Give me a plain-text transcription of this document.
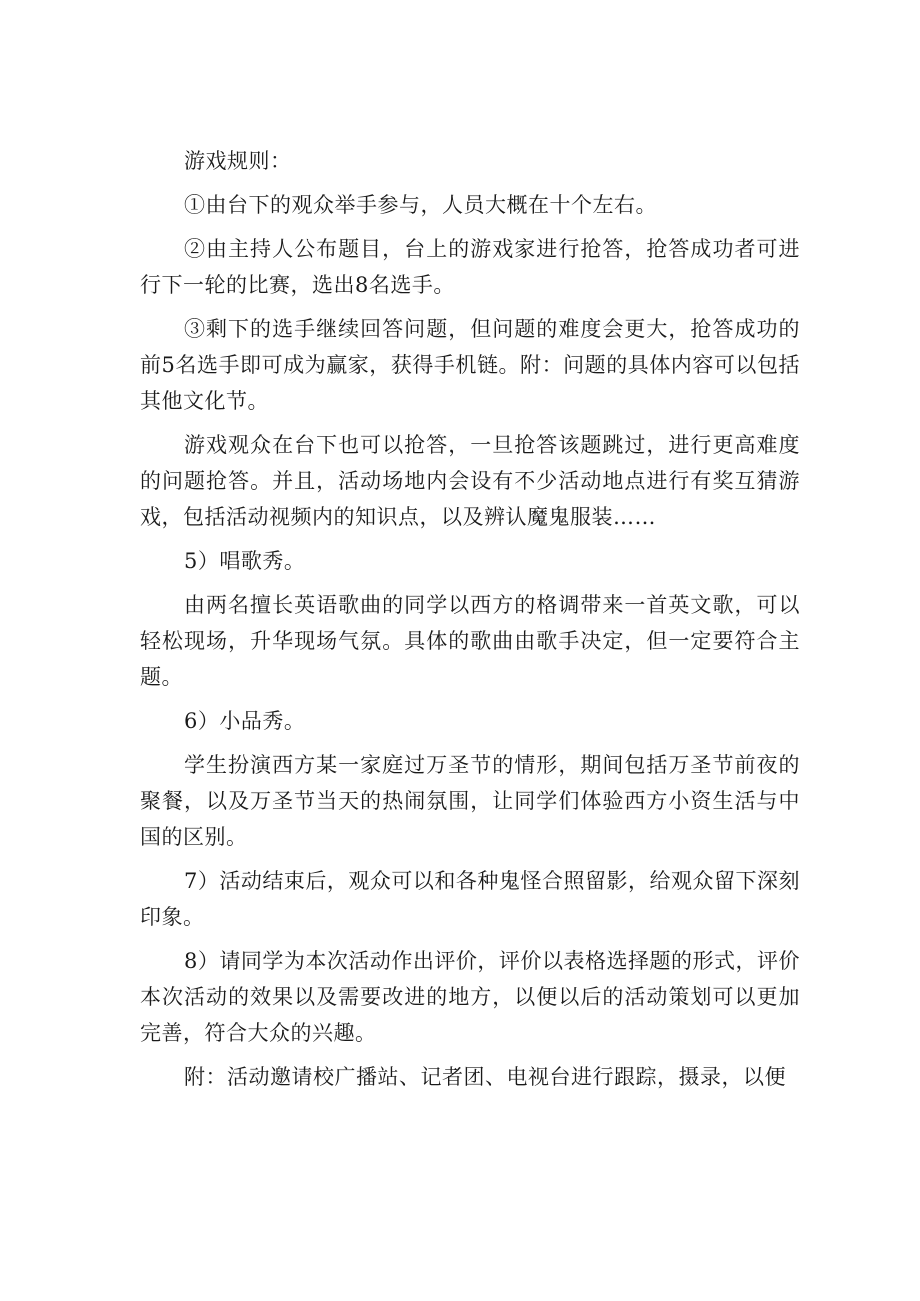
游戏规则：

①由台下的观众举手参与，人员大概在十个左右。

②由主持人公布题目，台上的游戏家进行抢答，抢答成功者可进行下一轮的比赛，选出8名选手。

③剩下的选手继续回答问题，但问题的难度会更大，抢答成功的前5名选手即可成为赢家，获得手机链。附：问题的具体内容可以包括其他文化节。

游戏观众在台下也可以抢答，一旦抢答该题跳过，进行更高难度的问题抢答。并且，活动场地内会设有不少活动地点进行有奖互猜游戏，包括活动视频内的知识点，以及辨认魔鬼服装……

5）唱歌秀。

由两名擅长英语歌曲的同学以西方的格调带来一首英文歌，可以轻松现场，升华现场气氛。具体的歌曲由歌手决定，但一定要符合主题。

6）小品秀。

学生扮演西方某一家庭过万圣节的情形，期间包括万圣节前夜的聚餐，以及万圣节当天的热闹氛围，让同学们体验西方小资生活与中国的区别。

7）活动结束后，观众可以和各种鬼怪合照留影，给观众留下深刻印象。

8）请同学为本次活动作出评价，评价以表格选择题的形式，评价本次活动的效果以及需要改进的地方，以便以后的活动策划可以更加完善，符合大众的兴趣。

附：活动邀请校广播站、记者团、电视台进行跟踪，摄录，以便
